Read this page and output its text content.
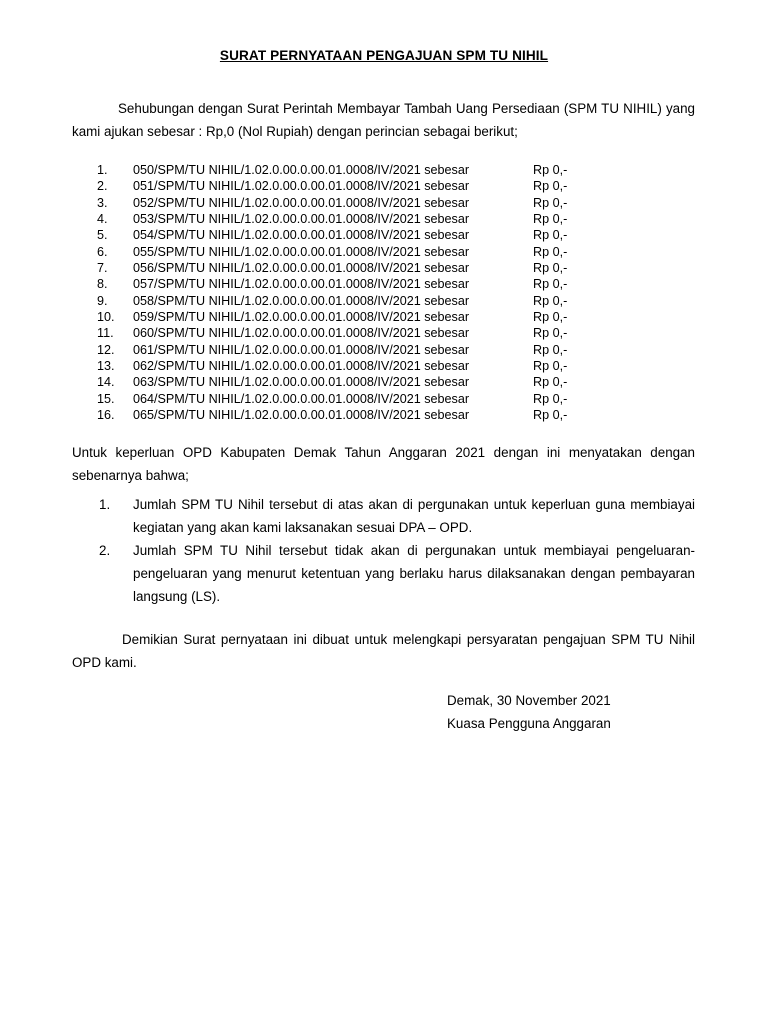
SURAT PERNYATAAN PENGAJUAN SPM TU NIHIL
Sehubungan dengan Surat Perintah Membayar Tambah Uang Persediaan (SPM TU NIHIL) yang kami ajukan sebesar : Rp,0 (Nol Rupiah) dengan perincian sebagai berikut;
1. 050/SPM/TU NIHIL/1.02.0.00.0.00.01.0008/IV/2021 sebesar	Rp 0,-
2. 051/SPM/TU NIHIL/1.02.0.00.0.00.01.0008/IV/2021 sebesar	Rp 0,-
3. 052/SPM/TU NIHIL/1.02.0.00.0.00.01.0008/IV/2021 sebesar	Rp 0,-
4. 053/SPM/TU NIHIL/1.02.0.00.0.00.01.0008/IV/2021 sebesar	Rp 0,-
5. 054/SPM/TU NIHIL/1.02.0.00.0.00.01.0008/IV/2021 sebesar	Rp 0,-
6. 055/SPM/TU NIHIL/1.02.0.00.0.00.01.0008/IV/2021 sebesar	Rp 0,-
7. 056/SPM/TU NIHIL/1.02.0.00.0.00.01.0008/IV/2021 sebesar	Rp 0,-
8. 057/SPM/TU NIHIL/1.02.0.00.0.00.01.0008/IV/2021 sebesar	Rp 0,-
9. 058/SPM/TU NIHIL/1.02.0.00.0.00.01.0008/IV/2021 sebesar	Rp 0,-
10. 059/SPM/TU NIHIL/1.02.0.00.0.00.01.0008/IV/2021 sebesar	Rp 0,-
11. 060/SPM/TU NIHIL/1.02.0.00.0.00.01.0008/IV/2021 sebesar	Rp 0,-
12. 061/SPM/TU NIHIL/1.02.0.00.0.00.01.0008/IV/2021 sebesar	Rp 0,-
13. 062/SPM/TU NIHIL/1.02.0.00.0.00.01.0008/IV/2021 sebesar	Rp 0,-
14. 063/SPM/TU NIHIL/1.02.0.00.0.00.01.0008/IV/2021 sebesar	Rp 0,-
15. 064/SPM/TU NIHIL/1.02.0.00.0.00.01.0008/IV/2021 sebesar	Rp 0,-
16. 065/SPM/TU NIHIL/1.02.0.00.0.00.01.0008/IV/2021 sebesar	Rp 0,-
Untuk keperluan OPD Kabupaten Demak Tahun Anggaran 2021 dengan ini menyatakan dengan sebenarnya bahwa;
1. Jumlah SPM TU Nihil tersebut di atas akan di pergunakan untuk keperluan guna membiayai kegiatan yang akan kami laksanakan sesuai DPA – OPD.
2. Jumlah SPM TU Nihil tersebut tidak akan di pergunakan untuk membiayai pengeluaran-pengeluaran yang menurut ketentuan yang berlaku harus dilaksanakan dengan pembayaran langsung (LS).
Demikian Surat pernyataan ini dibuat untuk melengkapi persyaratan pengajuan SPM TU Nihil OPD kami.
Demak, 30 November 2021
Kuasa Pengguna Anggaran
